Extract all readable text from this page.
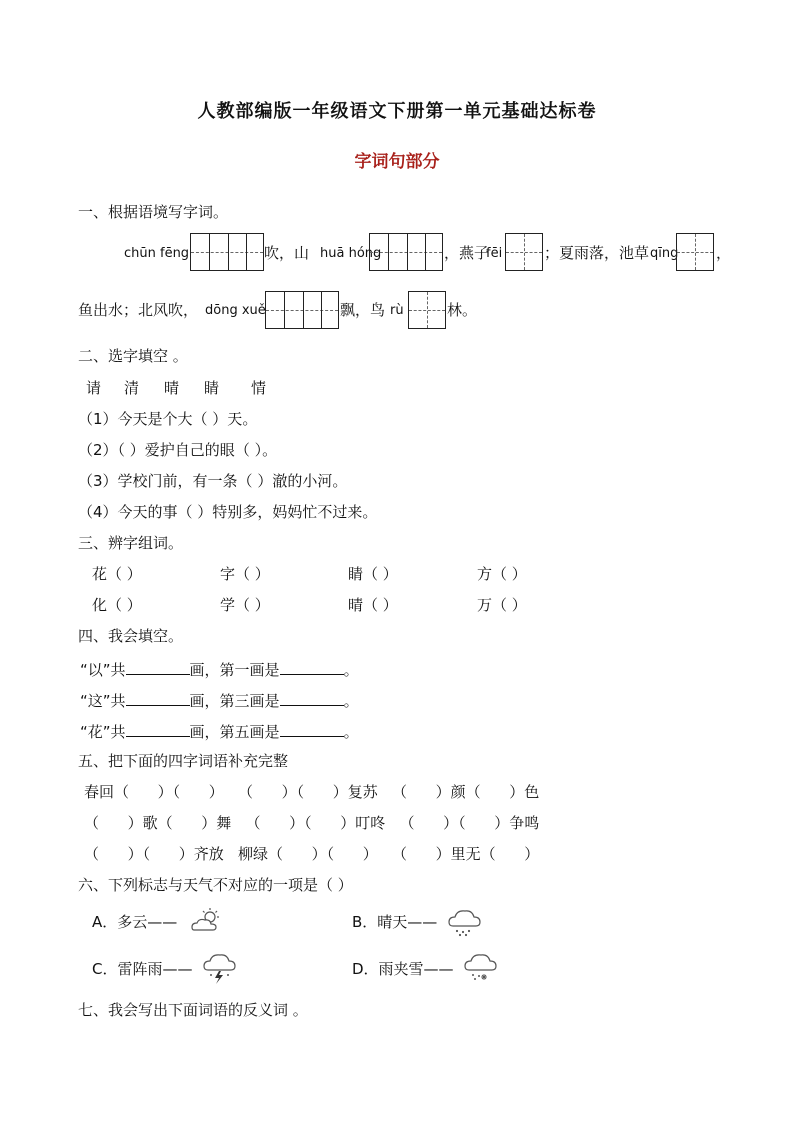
人教部编版一年级语文下册第一单元基础达标卷
字词句部分
一、根据语境写字词。
chūn fēng	吹，山 huā hóng	，燕子
fēi	；夏雨落，池草 qīng	，
鱼出水；北风吹， dōng xuě	飘，鸟 rù	林。
二、选字填空 。
请 清 晴 睛 情
（1）今天是个大（ ）天。
（2）（ ）爱护自己的眼（ ）。
（3）学校门前，有一条（ ）澈的小河。
（4）今天的事（ ）特别多，妈妈忙不过来。
三、辨字组词。
花（ ）	字（ ）	睛（ ）	方（ ）
化（ ）	学（ ）	晴（ ）	万（ ）
四、我会填空。
“以”共	画，第一画是	。
“这”共	画，第三画是	。
“花”共	画，第五画是	。
五、把下面的四字词语补充完整
春回（      ）（      ）   （      ）（      ）复苏   （      ）颜（      ）色
（      ）歌（      ）舞   （      ）（      ）叮咚   （      ）（      ）争鸣
（      ）（      ）齐放   柳绿（      ）（      ）   （      ）里无（      ）
六、下列标志与天气不对应的一项是（ ）
A．多云——	B．晴天——
C．雷阵雨——	D．雨夹雪——
七、我会写出下面词语的反义词 。
